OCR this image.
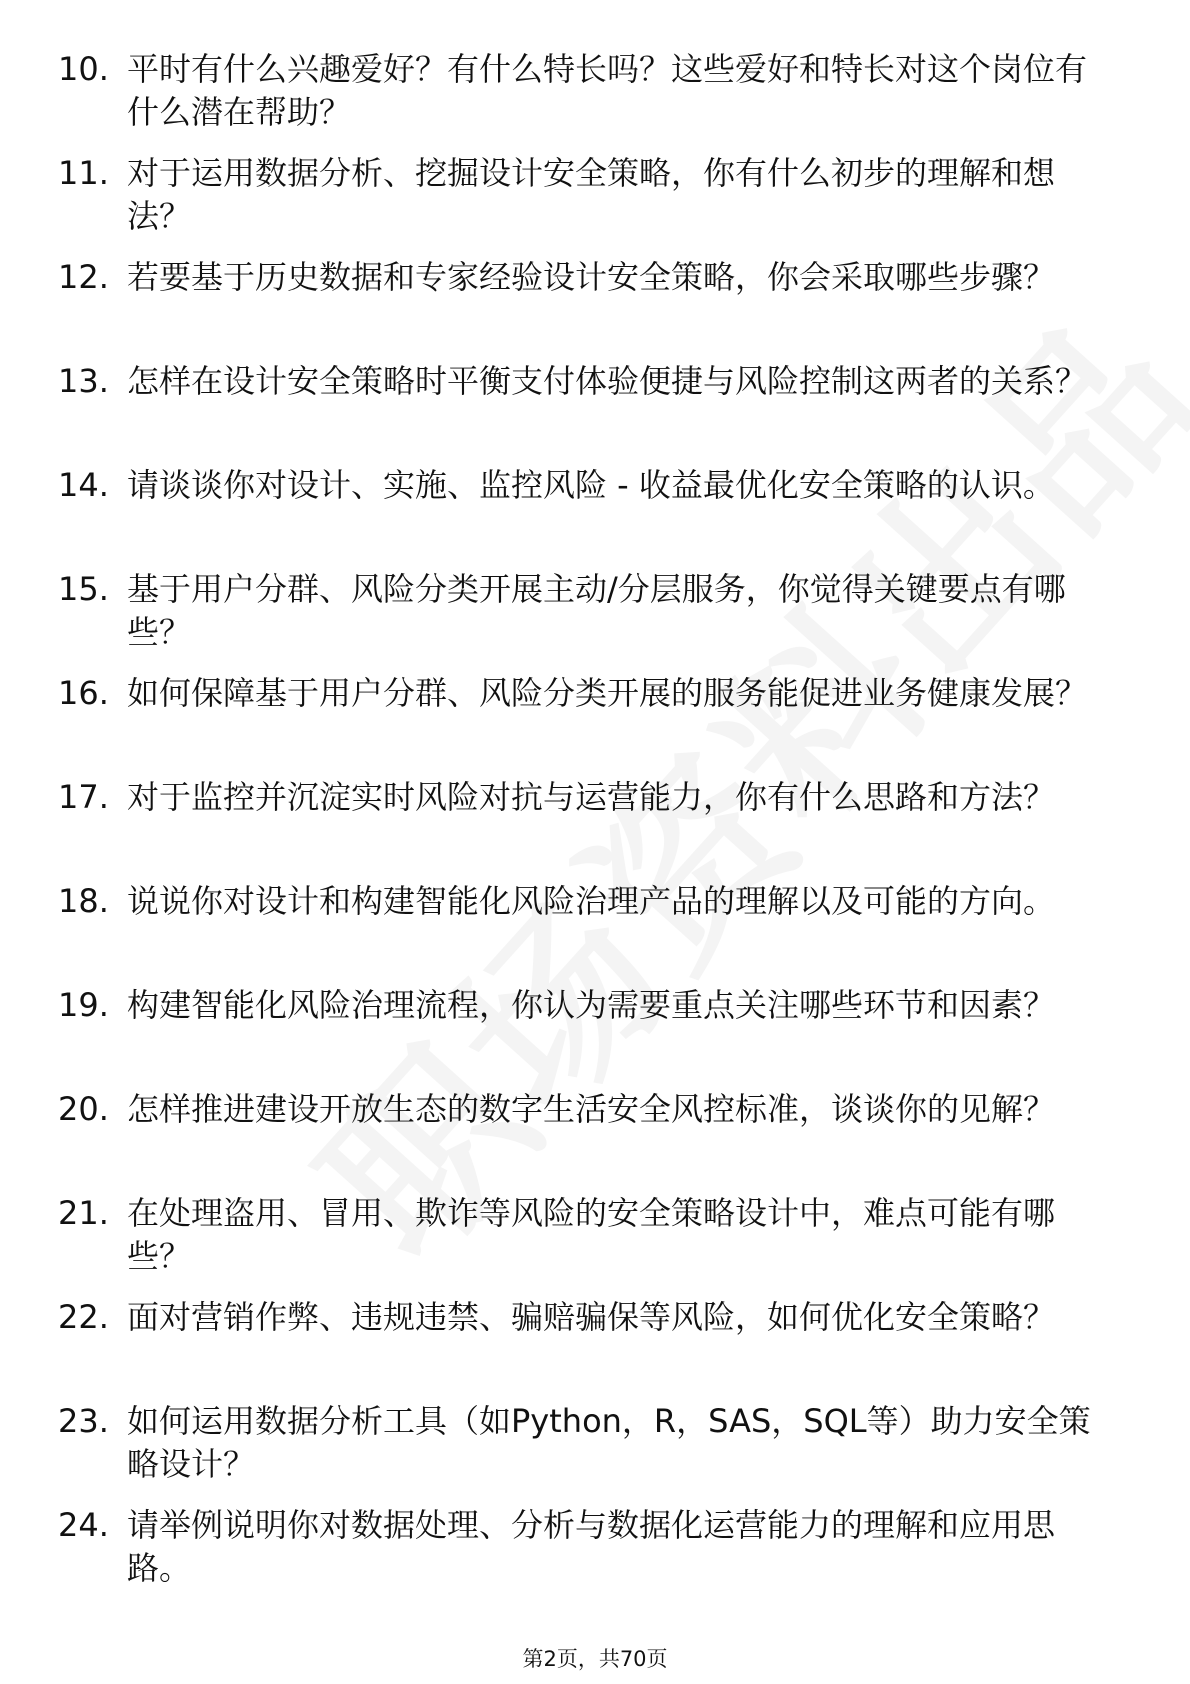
10. 平时有什么兴趣爱好？有什么特长吗？这些爱好和特长对这个岗位有什么潜在帮助？
11. 对于运用数据分析、挖掘设计安全策略，你有什么初步的理解和想法？
12. 若要基于历史数据和专家经验设计安全策略，你会采取哪些步骤？
13. 怎样在设计安全策略时平衡支付体验便捷与风险控制这两者的关系？
14. 请谈谈你对设计、实施、监控风险 - 收益最优化安全策略的认识。
15. 基于用户分群、风险分类开展主动/分层服务，你觉得关键要点有哪些？
16. 如何保障基于用户分群、风险分类开展的服务能促进业务健康发展？
17. 对于监控并沉淀实时风险对抗与运营能力，你有什么思路和方法？
18. 说说你对设计和构建智能化风险治理产品的理解以及可能的方向。
19. 构建智能化风险治理流程，你认为需要重点关注哪些环节和因素？
20. 怎样推进建设开放生态的数字生活安全风控标准，谈谈你的见解？
21. 在处理盗用、冒用、欺诈等风险的安全策略设计中，难点可能有哪些？
22. 面对营销作弊、违规违禁、骗赔骗保等风险，如何优化安全策略？
23. 如何运用数据分析工具（如Python，R，SAS，SQL等）助力安全策略设计？
24. 请举例说明你对数据处理、分析与数据化运营能力的理解和应用思路。
第2页，共70页
